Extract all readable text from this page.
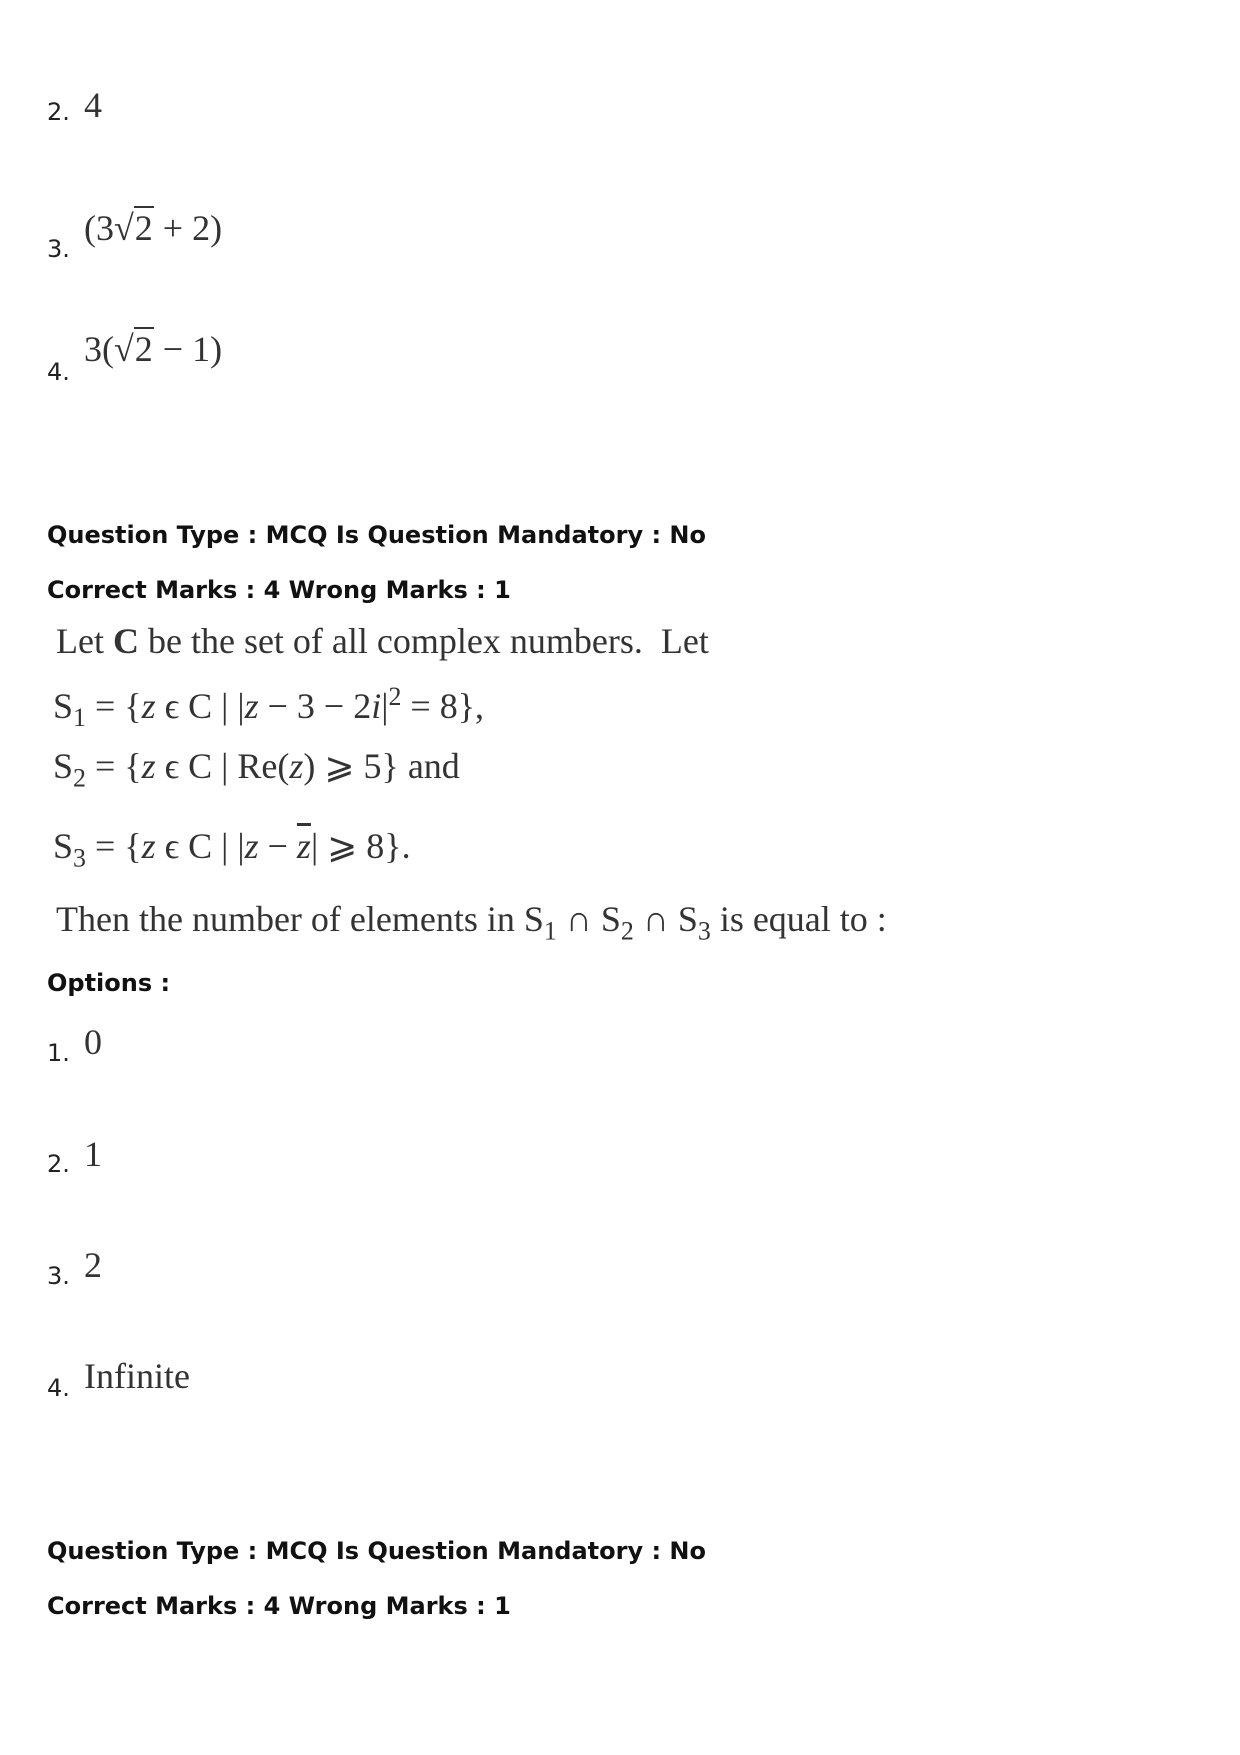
2. 4
3.
(3√2 + 2)
4.
3(√2 − 1)
Question Type : MCQ Is Question Mandatory : No
Correct Marks : 4 Wrong Marks : 1
Let C be the set of all complex numbers.  Let
$S_1 = \{z$ ϵ C | $|z - 3 - 2i|^2 = 8$},
$S_2 = \{z$ ϵ C | Re(z) ⩾ 5} and
$S_3 = \{z$ ϵ C | $|z - \overline{z}|$ ⩾ 8}.
Then the number of elements in $S_1$ ∩ $S_2$ ∩ $S_3$ is equal to :
Options :
1. 0
2. 1
3. 2
4. Infinite
Question Type : MCQ Is Question Mandatory : No
Correct Marks : 4 Wrong Marks : 1
